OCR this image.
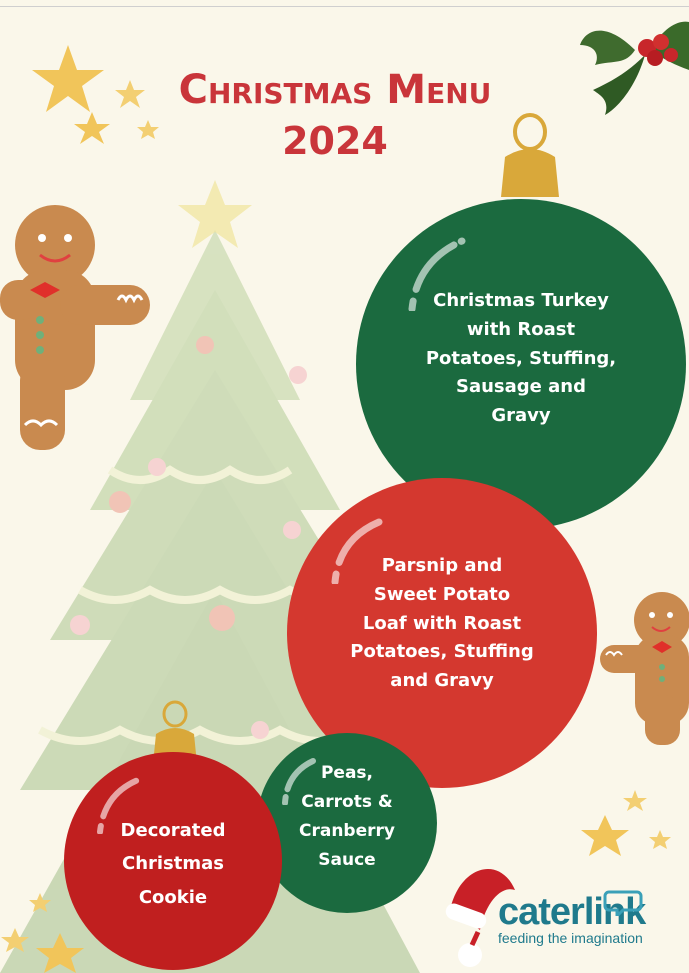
Christmas Menu
2024
Christmas Turkey
with Roast
Potatoes, Stuffing,
Sausage and
Gravy
Parsnip and
Sweet Potato
Loaf with Roast
Potatoes, Stuffing
and Gravy
Peas,
Carrots &
Cranberry
Sauce
Decorated
Christmas
Cookie	caterlink
feeding the imagination
